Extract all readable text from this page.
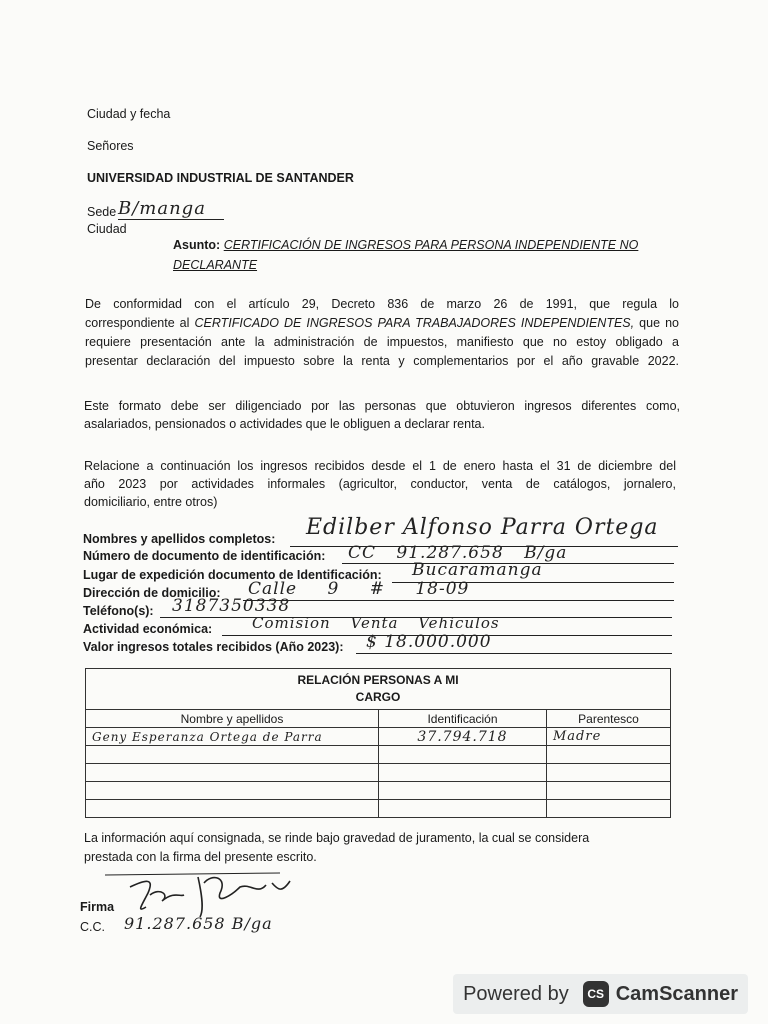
Ciudad y fecha
Señores
UNIVERSIDAD INDUSTRIAL DE SANTANDER
Sede B/manga
Ciudad
Asunto: CERTIFICACIÓN DE INGRESOS PARA PERSONA INDEPENDIENTE NO
DECLARANTE
De conformidad con el artículo 29, Decreto 836 de marzo 26 de 1991, que regula lo
correspondiente al CERTIFICADO DE INGRESOS PARA TRABAJADORES INDEPENDIENTES, que no
requiere presentación ante la administración de impuestos, manifiesto que no estoy obligado a
presentar declaración del impuesto sobre la renta y complementarios por el año gravable 2022.
Este formato debe ser diligenciado por las personas que obtuvieron ingresos diferentes como,
asalariados, pensionados o actividades que le obliguen a declarar renta.
Relacione a continuación los ingresos recibidos desde el 1 de enero hasta el 31 de diciembre del
año 2023 por actividades informales (agricultor, conductor, venta de catálogos, jornalero,
domiciliario, entre otros)
Nombres y apellidos completos: Edilber Alfonso Parra Ortega
Número de documento de identificación: CC 91.287.658 B/ga
Lugar de expedición documento de Identificación: Bucaramanga
Dirección de domicilio: Calle 9 # 18-09
Teléfono(s): 3187350338
Actividad económica:	Comision Venta Vehiculos
Valor ingresos totales recibidos (Año 2023): $ 18.000.000
RELACIÓN PERSONAS A MI
CARGO		

Nombre y apellidos	Identificación	Parentesco
Geny Esperanza Ortega de Parra	37.794.718	Madre

La información aquí consignada, se rinde bajo gravedad de juramento, la cual se considera
prestada con la firma del presente escrito.
Firma
C.C. 91.287.658 B/ga
Powered by	CS CamScanner
